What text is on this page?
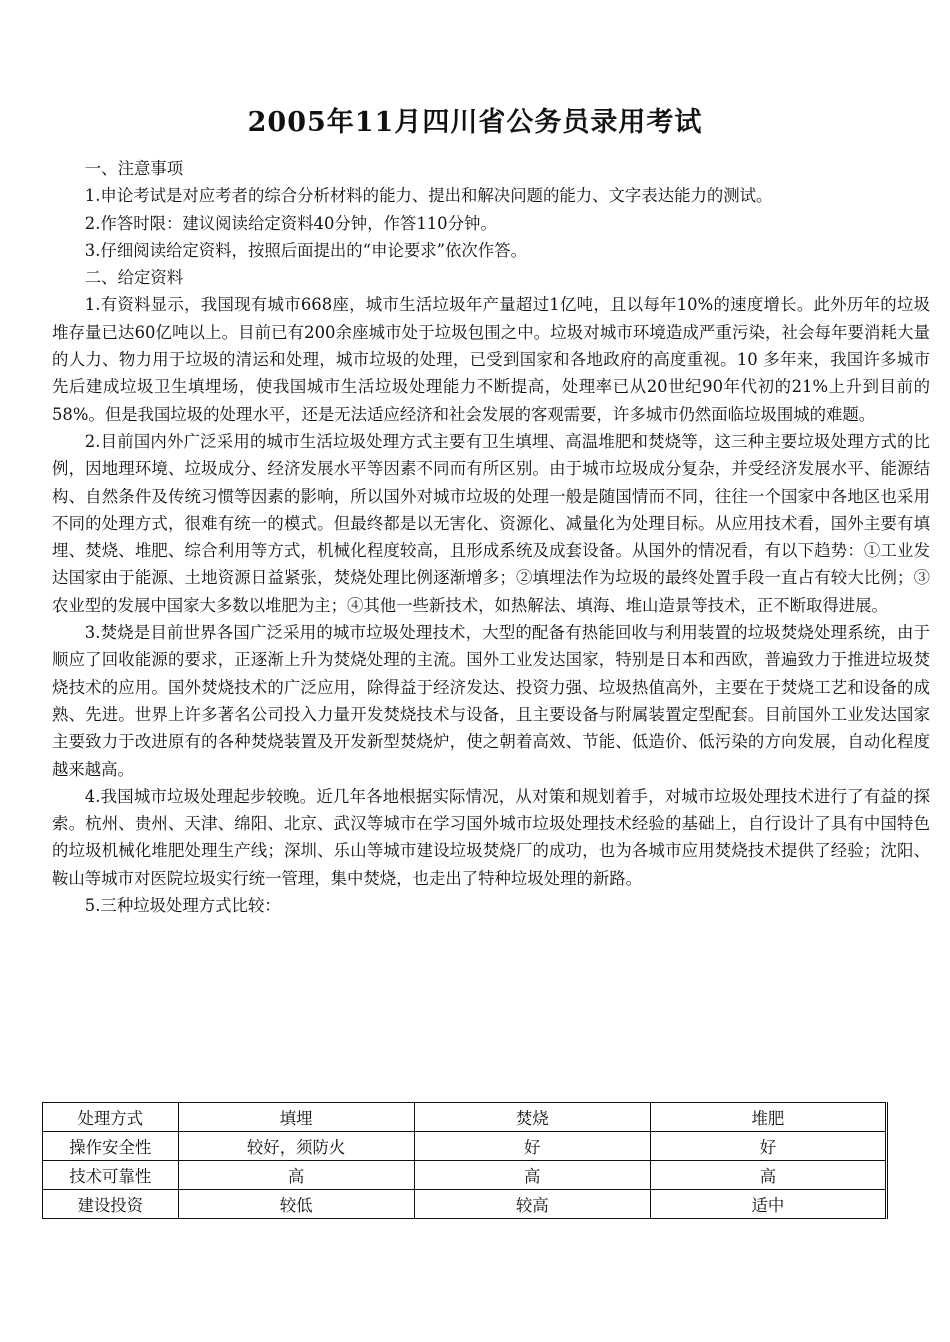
2005年11月四川省公务员录用考试

一、注意事项

1.申论考试是对应考者的综合分析材料的能力、提出和解决问题的能力、文字表达能力的测试。

2.作答时限：建议阅读给定资料40分钟，作答110分钟。

3.仔细阅读给定资料，按照后面提出的“申论要求”依次作答。

二、给定资料

1.有资料显示，我国现有城市668座，城市生活垃圾年产量超过1亿吨，且以每年10%的速度增长。此外历年的垃圾堆存量已达60亿吨以上。目前已有200余座城市处于垃圾包围之中。垃圾对城市环境造成严重污染，社会每年要消耗大量的人力、物力用于垃圾的清运和处理，城市垃圾的处理，已受到国家和各地政府的高度重视。10 多年来，我国许多城市先后建成垃圾卫生填埋场，使我国城市生活垃圾处理能力不断提高，处理率已从20世纪90年代初的21%上升到目前的58%。但是我国垃圾的处理水平，还是无法适应经济和社会发展的客观需要，许多城市仍然面临垃圾围城的难题。

2.目前国内外广泛采用的城市生活垃圾处理方式主要有卫生填埋、高温堆肥和焚烧等，这三种主要垃圾处理方式的比例，因地理环境、垃圾成分、经济发展水平等因素不同而有所区别。由于城市垃圾成分复杂，并受经济发展水平、能源结构、自然条件及传统习惯等因素的影响，所以国外对城市垃圾的处理一般是随国情而不同，往往一个国家中各地区也采用不同的处理方式，很难有统一的模式。但最终都是以无害化、资源化、减量化为处理目标。从应用技术看，国外主要有填埋、焚烧、堆肥、综合利用等方式，机械化程度较高，且形成系统及成套设备。从国外的情况看，有以下趋势：①工业发达国家由于能源、土地资源日益紧张，焚烧处理比例逐渐增多；②填埋法作为垃圾的最终处置手段一直占有较大比例；③农业型的发展中国家大多数以堆肥为主；④其他一些新技术，如热解法、填海、堆山造景等技术，正不断取得进展。

3.焚烧是目前世界各国广泛采用的城市垃圾处理技术，大型的配备有热能回收与利用装置的垃圾焚烧处理系统，由于顺应了回收能源的要求，正逐渐上升为焚烧处理的主流。国外工业发达国家，特别是日本和西欧，普遍致力于推进垃圾焚烧技术的应用。国外焚烧技术的广泛应用，除得益于经济发达、投资力强、垃圾热值高外，主要在于焚烧工艺和设备的成熟、先进。世界上许多著名公司投入力量开发焚烧技术与设备，且主要设备与附属装置定型配套。目前国外工业发达国家主要致力于改进原有的各种焚烧装置及开发新型焚烧炉，使之朝着高效、节能、低造价、低污染的方向发展，自动化程度越来越高。

4.我国城市垃圾处理起步较晚。近几年各地根据实际情况，从对策和规划着手，对城市垃圾处理技术进行了有益的探索。杭州、贵州、天津、绵阳、北京、武汉等城市在学习国外城市垃圾处理技术经验的基础上，自行设计了具有中国特色的垃圾机械化堆肥处理生产线；深圳、乐山等城市建设垃圾焚烧厂的成功，也为各城市应用焚烧技术提供了经验；沈阳、鞍山等城市对医院垃圾实行统一管理，集中焚烧，也走出了特种垃圾处理的新路。

5.三种垃圾处理方式比较：

处理方式	填埋	焚烧	堆肥
操作安全性	较好，须防火	好	好
技术可靠性	高	高	高
建设投资	较低	较高	适中
